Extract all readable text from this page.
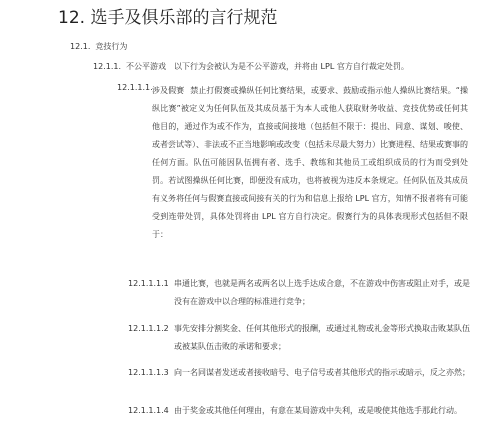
12. 选手及俱乐部的言行规范
12.1. 竞技行为
12.1.1. 不公平游戏 以下行为会被认为是不公平游戏，并将由 LPL 官方自行裁定处罚。
12.1.1.1. 涉及假赛 禁止打假赛或操纵任何比赛结果，或要求、鼓励或指示他人操纵比赛结果。“操纵比赛”被定义为任何队伍及其成员基于为本人或他人获取财务收益、竞技优势或任何其他目的，通过作为或不作为，直接或间接地（包括但不限于：提出、同意、谋划、唆使、或者尝试等）、非法或不正当地影响或改变（包括未尽最大努力）比赛进程、结果或赛事的任何方面。队伍可能因队伍拥有者、选手、教练和其他员工或组织成员的行为而受到处罚。若试图操纵任何比赛，即便没有成功，也将被视为违反本条规定。任何队伍及其成员有义务将任何与假赛直接或间接有关的行为和信息上报给 LPL 官方，知情不报者将有可能受到连带处罚，具体处罚将由 LPL 官方自行决定。假赛行为的具体表现形式包括但不限于：
12.1.1.1.1 串通比赛，也就是两名或两名以上选手达成合意，不在游戏中伤害或阻止对手，或是没有在游戏中以合理的标准进行竞争；
12.1.1.1.2 事先安排分割奖金、任何其他形式的报酬，或通过礼物或礼金等形式换取击败某队伍或被某队伍击败的承诺和要求；
12.1.1.1.3 向一名同谋者发送或者接收暗号、电子信号或者其他形式的指示或暗示，反之亦然；
12.1.1.1.4 由于奖金或其他任何理由，有意在某局游戏中失利，或是唆使其他选手那此行动。
